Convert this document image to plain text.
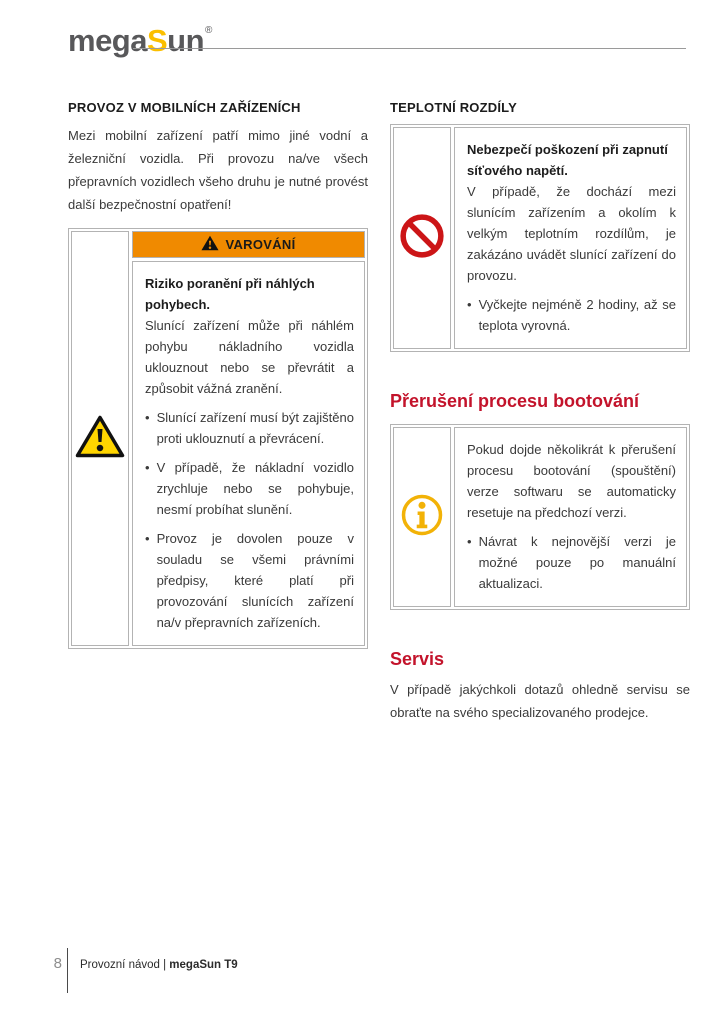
megaSun®
PROVOZ V MOBILNÍCH ZAŘÍZENÍCH

Mezi mobilní zařízení patří mimo jiné vodní a železniční vozidla. Při provozu na/ve všech přepravních vozidlech všeho druhu je nutné provést další bezpečnostní opatření!

VAROVÁNÍ

Riziko poranění při náhlých pohybech.

Slunící zařízení může při náhlém pohybu nákladního vozidla uklouznout nebo se převrátit a způsobit vážná zranění.

• Slunící zařízení musí být zajištěno proti uklouznutí a převrácení.
• V případě, že nákladní vozidlo zrychluje nebo se pohybuje, nesmí probíhat slunění.
• Provoz je dovolen pouze v souladu se všemi právními předpisy, které platí při provozování slunících zařízení na/v přepravních zařízeních.
TEPLOTNÍ ROZDÍLY

Nebezpečí poškození při zapnutí síťového napětí.

V případě, že dochází mezi slunícím zařízením a okolím k velkým teplotním rozdílům, je zakázáno uvádět slunící zařízení do provozu.

• Vyčkejte nejméně 2 hodiny, až se teplota vyrovná.
Přerušení procesu bootování

Pokud dojde několikrát k přerušení procesu bootování (spouštění) verze softwaru se automaticky resetuje na předchozí verzi.

• Návrat k nejnovější verzi je možné pouze po manuální aktualizaci.
Servis

V případě jakýchkoli dotazů ohledně servisu se obraťte na svého specializovaného prodejce.

8 Provozní návod | megaSun T9
